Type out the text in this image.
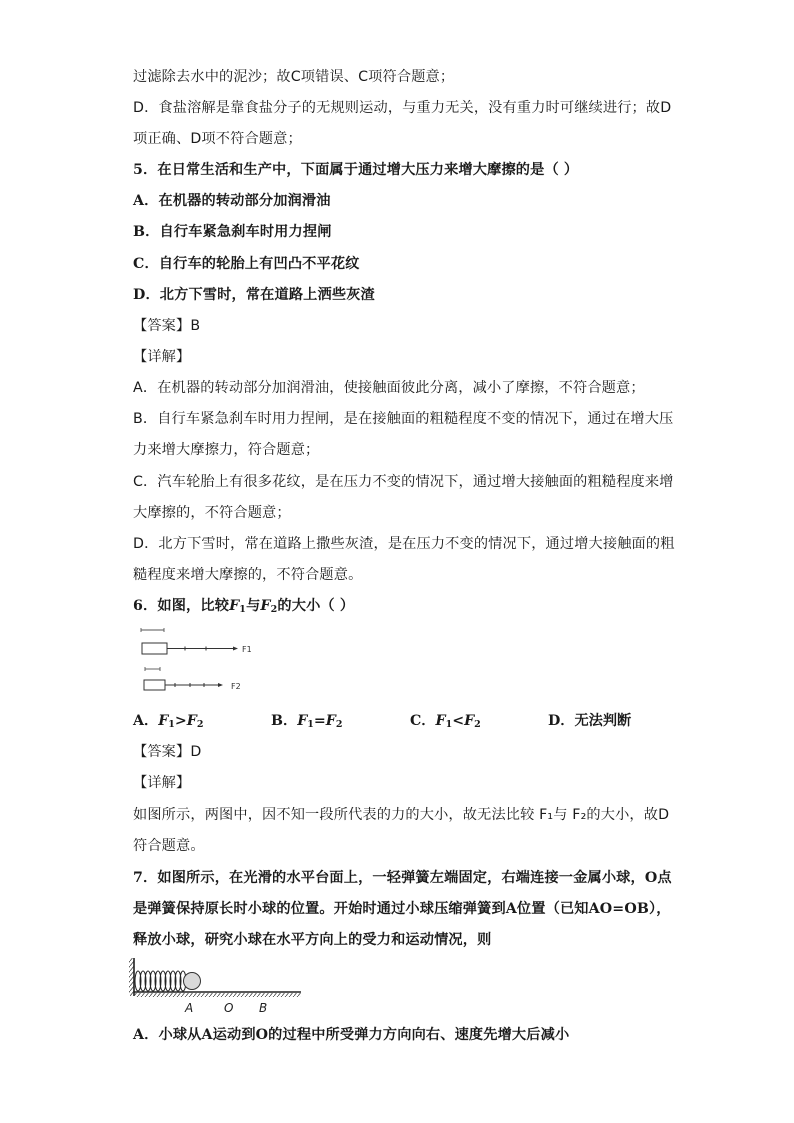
过滤除去水中的泥沙；故C项错误、C项符合题意；
D．食盐溶解是靠食盐分子的无规则运动，与重力无关，没有重力时可继续进行；故D
项正确、D项不符合题意；
5．在日常生活和生产中，下面属于通过增大压力来增大摩擦的是（ ）
A．在机器的转动部分加润滑油
B．自行车紧急刹车时用力捏闸
C．自行车的轮胎上有凹凸不平花纹
D．北方下雪时，常在道路上洒些灰渣
【答案】B
【详解】
A．在机器的转动部分加润滑油，使接触面彼此分离，减小了摩擦，不符合题意；
B．自行车紧急刹车时用力捏闸，是在接触面的粗糙程度不变的情况下，通过在增大压
力来增大摩擦力，符合题意；
C．汽车轮胎上有很多花纹，是在压力不变的情况下，通过增大接触面的粗糙程度来增
大摩擦的，不符合题意；
D．北方下雪时，常在道路上撒些灰渣，是在压力不变的情况下，通过增大接触面的粗
糙程度来增大摩擦的，不符合题意。
6．如图，比较$F_1$与$F_2$的大小（ ）
F1
F2
A．$F_1>F_2$	B．$F_1=F_2$	C．$F_1<F_2$	D．无法判断
【答案】D
【详解】
如图所示，两图中，因不知一段所代表的力的大小，故无法比较 F₁与 F₂的大小，故D
符合题意。
7．如图所示，在光滑的水平台面上，一轻弹簧左端固定，右端连接一金属小球，O点
是弹簧保持原长时小球的位置。开始时通过小球压缩弹簧到A位置（已知AO=OB），
释放小球，研究小球在水平方向上的受力和运动情况，则
A	O B
A．小球从A运动到O的过程中所受弹力方向向右、速度先增大后减小
